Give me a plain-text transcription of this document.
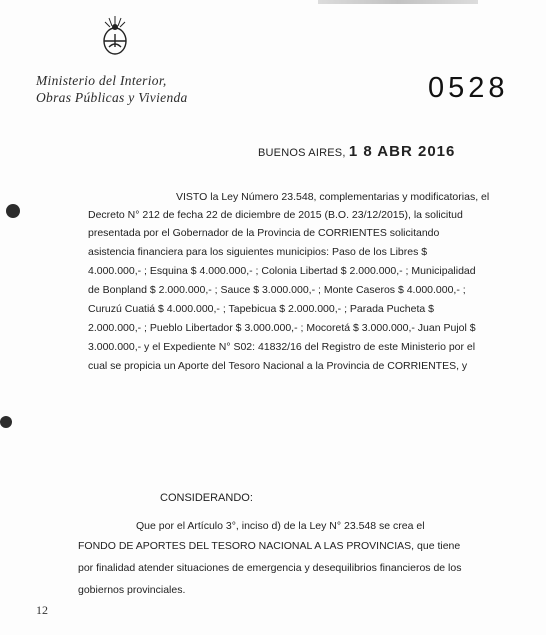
Ministerio del Interior,
Obras Públicas y Vivienda	0528
BUENOS AIRES, 1 8 ABR 2016
VISTO la Ley Número 23.548, complementarias y modificatorias, el
Decreto N° 212 de fecha 22 de diciembre de 2015 (B.O. 23/12/2015), la solicitud
presentada por el Gobernador de la Provincia de CORRIENTES solicitando
asistencia financiera para los siguientes municipios: Paso de los Libres $
4.000.000,- ; Esquina $ 4.000.000,- ; Colonia Libertad $ 2.000.000,- ; Municipalidad
de Bonpland $ 2.000.000,- ; Sauce $ 3.000.000,- ; Monte Caseros $ 4.000.000,- ;
Curuzú Cuatiá $ 4.000.000,- ; Tapebicua $ 2.000.000,- ; Parada Pucheta $
2.000.000,- ; Pueblo Libertador $ 3.000.000,- ; Mocoretá $ 3.000.000,- Juan Pujol $
3.000.000,- y el Expediente N° S02: 41832/16 del Registro de este Ministerio por el
cual se propicia un Aporte del Tesoro Nacional a la Provincia de CORRIENTES, y
CONSIDERANDO:
Que por el Artículo 3°, inciso d) de la Ley N° 23.548 se crea el
FONDO DE APORTES DEL TESORO NACIONAL A LAS PROVINCIAS, que tiene
por finalidad atender situaciones de emergencia y desequilibrios financieros de los
gobiernos provinciales.
12
